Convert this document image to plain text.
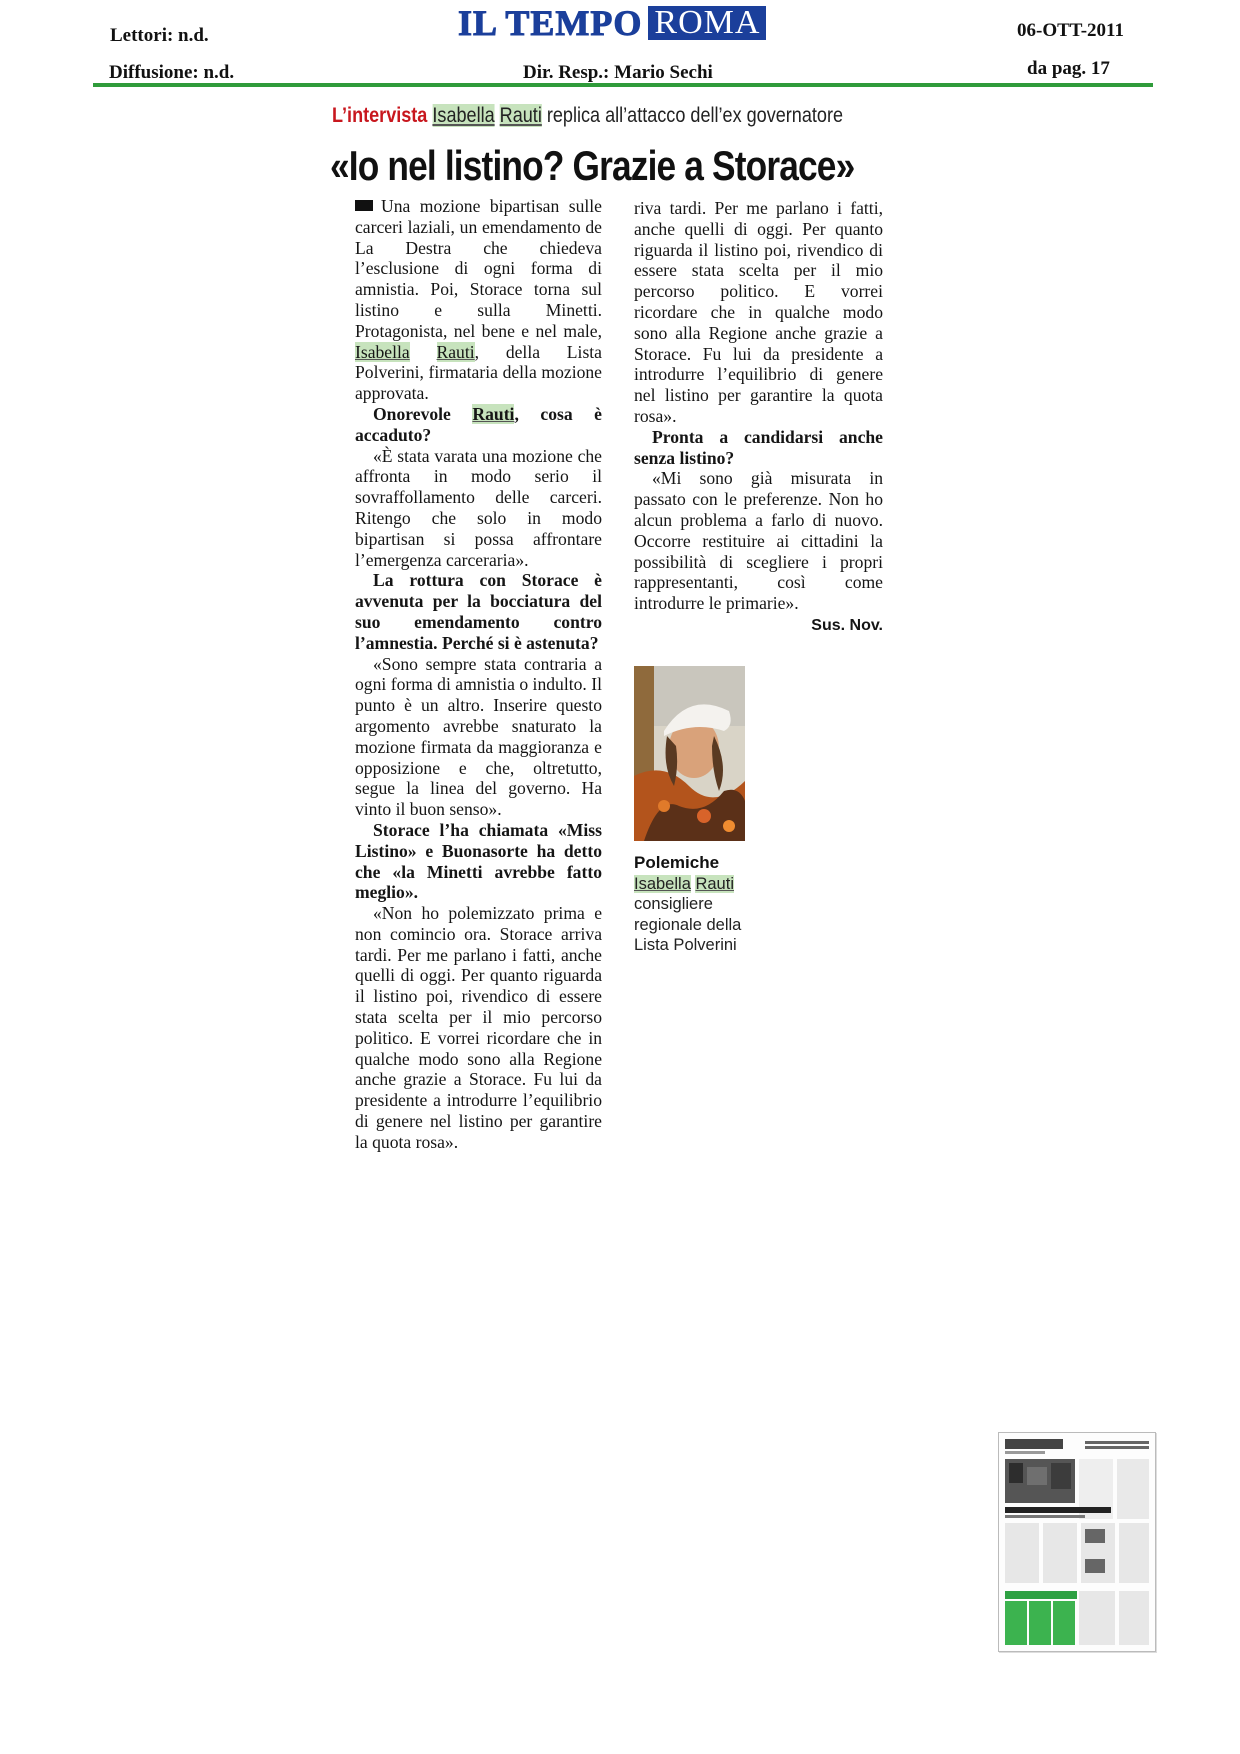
Lettori: n.d.
Diffusione: n.d.
IL TEMPO ROMA
Dir. Resp.: Mario Sechi
06-OTT-2011
da pag. 17
L’intervista Isabella Rauti replica all’attacco dell’ex governatore
«Io nel listino? Grazie a Storace»

Una mozione bipartisan sulle carceri laziali, un emendamento de La Destra che chiedeva l’esclusione di ogni forma di amnistia. Poi, Storace torna sul listino e sulla Minetti. Protagonista, nel bene e nel male, Isabella Rauti, della Lista Polverini, firmataria della mozione approvata.

Onorevole Rauti, cosa è accaduto?

«È stata varata una mozione che affronta in modo serio il sovraffollamento delle carceri. Ritengo che solo in modo bipartisan si possa affrontare l’emergenza carceraria».

La rottura con Storace è avvenuta per la bocciatura del suo emendamento contro l’amnestia. Perché si è astenuta?

«Sono sempre stata contraria a ogni forma di amnistia o indulto. Il punto è un altro. Inserire questo argomento avrebbe snaturato la mozione firmata da maggioranza e opposizione e che, oltretutto, segue la linea del governo. Ha vinto il buon senso».

Storace l’ha chiamata «Miss Listino» e Buonasorte ha detto che «la Minetti avrebbe fatto meglio».

«Non ho polemizzato prima e non comincio ora. Storace arriva tardi. Per me parlano i fatti, anche quelli di oggi. Per quanto riguarda il listino poi, rivendico di essere stata scelta per il mio percorso politico. E vorrei ricordare che in qualche modo sono alla Regione anche grazie a Storace. Fu lui da presidente a introdurre l’equilibrio di genere nel listino per garantire la quota rosa».

riva tardi. Per me parlano i fatti, anche quelli di oggi. Per quanto riguarda il listino poi, rivendico di essere stata scelta per il mio percorso politico. E vorrei ricordare che in qualche modo sono alla Regione anche grazie a Storace. Fu lui da presidente a introdurre l’equilibrio di genere nel listino per garantire la quota rosa».

Pronta a candidarsi anche senza listino?

«Mi sono già misurata in passato con le preferenze. Non ho alcun problema a farlo di nuovo. Occorre restituire ai cittadini la possibilità di scegliere i propri rappresentanti, così come introdurre le primarie».

Sus. Nov.
Polemiche
Isabella Rauti
consigliere regionale della Lista Polverini
